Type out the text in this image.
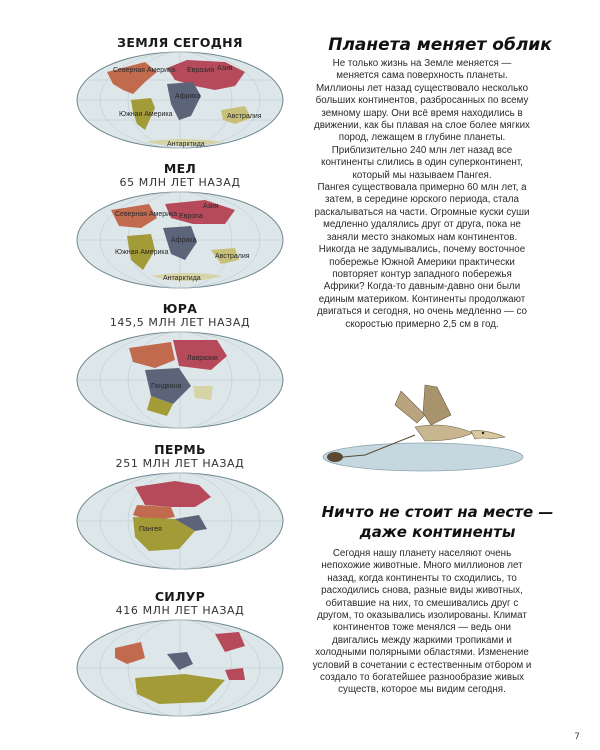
ЗЕМЛЯ СЕГОДНЯ
Северная Америка Евразия Азия
Африка
Южная Америка	Австралия
Антарктида
МЕЛ
65 МЛН ЛЕТ НАЗАД
Северная Америка
Азия
Европа
Африка
Южная Америка
Австралия
Антарктида
ЮРА
145,5 МЛН ЛЕТ НАЗАД
Лавразия
Гондвана
ПЕРМЬ
251 МЛН ЛЕТ НАЗАД
Пангея
СИЛУР
416 МЛН ЛЕТ НАЗАД
Планета меняет облик

Не только жизнь на Земле меняется — меняется сама поверхность планеты. Миллионы лет назад существовало несколько больших континентов, разбросанных по всему земному шару. Они всё время находились в движении, как бы плавая на слое более мягких пород, лежащем в глубине планеты. Приблизительно 240 млн лет назад все континенты слились в один суперконтинент, который мы называем Пангея.

Пангея существовала примерно 60 млн лет, а затем, в середине юрского периода, стала раскалываться на части. Огромные куски суши медленно удалялись друг от друга, пока не заняли место знакомых нам континентов. Никогда не задумывались, почему восточное побережье Южной Америки практически повторяет контур западного побережья Африки? Когда-то давным-давно они были единым материком. Континенты продолжают двигаться и сегодня, но очень медленно — со скоростью примерно 2,5 см в год.

Ничто не стоит на месте —
даже континенты

Сегодня нашу планету населяют очень непохожие животные. Много миллионов лет назад, когда континенты то сходились, то расходились снова, разные виды животных, обитавшие на них, то смешивались друг с другом, то оказывались изолированы. Климат континентов тоже менялся — ведь они двигались между жаркими тропиками и холодными полярными областями. Изменение условий в сочетании с естественным отбором и создало то богатейшее разнообразие живых существ, которое мы видим сегодня.

7
